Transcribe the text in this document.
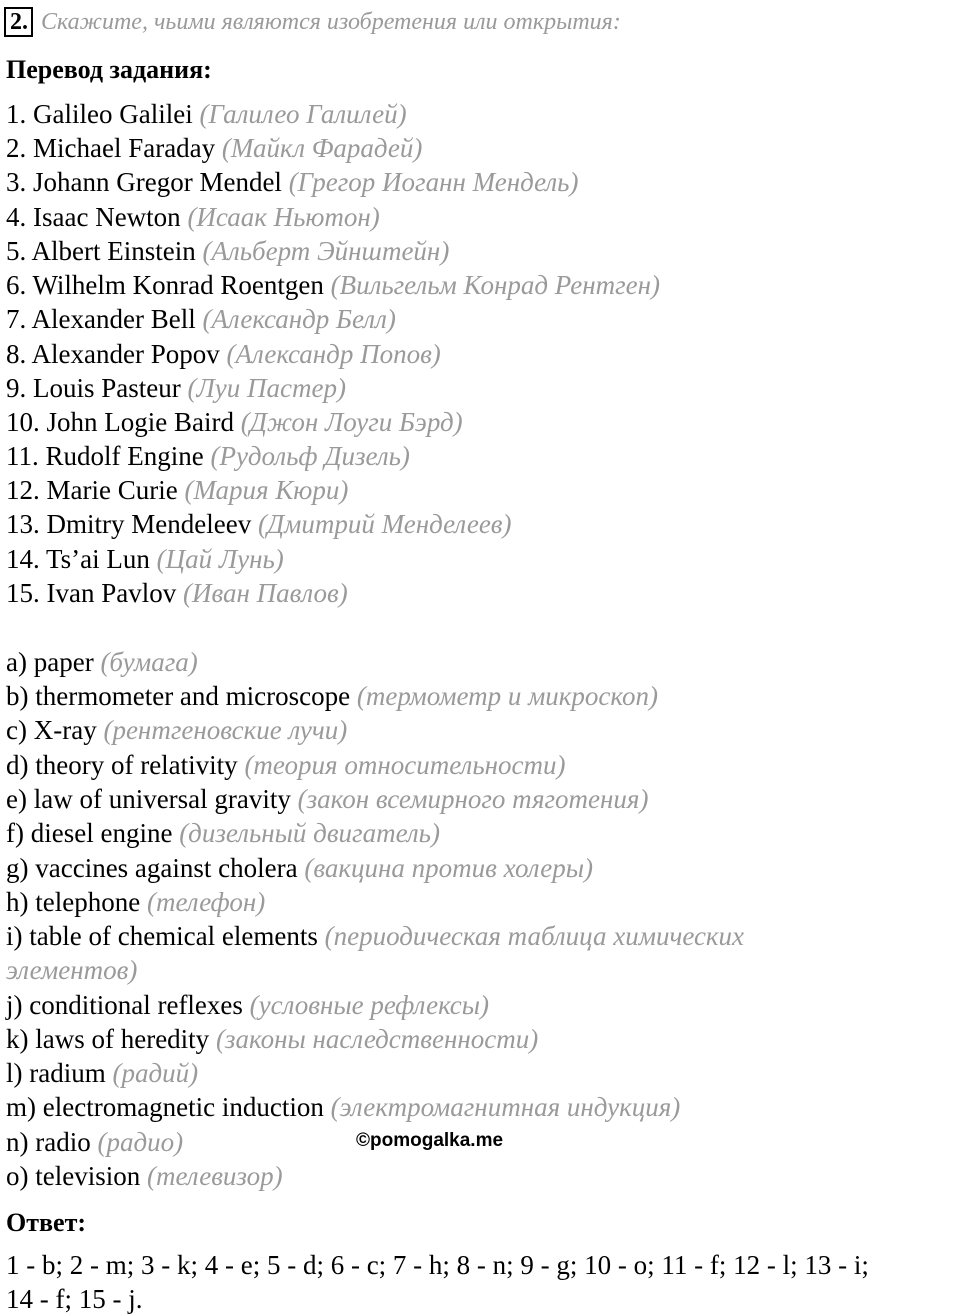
2. Скажите, чьими являются изобретения или открытия:
Перевод задания:
1. Galileo Galilei (Галилео Галилей)
2. Michael Faraday (Майкл Фарадей)
3. Johann Gregor Mendel (Грегор Иоганн Мендель)
4. Isaac Newton (Исаак Ньютон)
5. Albert Einstein (Альберт Эйнштейн)
6. Wilhelm Konrad Roentgen (Вильгельм Конрад Рентген)
7. Alexander Bell (Александр Белл)
8. Alexander Popov (Александр Попов)
9. Louis Pasteur (Луи Пастер)
10. John Logie Baird (Джон Лоуги Бэрд)
11. Rudolf Engine (Рудольф Дизель)
12. Marie Curie (Мария Кюри)
13. Dmitry Mendeleev (Дмитрий Менделеев)
14. Ts’ai Lun (Цай Лунь)
15. Ivan Pavlov (Иван Павлов)
a) paper (бумага)
b) thermometer and microscope (термометр и микроскоп)
c) X-ray (рентгеновские лучи)
d) theory of relativity (теория относительности)
e) law of universal gravity (закон всемирного тяготения)
f) diesel engine (дизельный двигатель)
g) vaccines against cholera (вакцина против холеры)
h) telephone (телефон)
i) table of chemical elements (периодическая таблица химических
элементов)
j) conditional reflexes (условные рефлексы)
k) laws of heredity (законы наследственности)
l) radium (радий)
m) electromagnetic induction (электромагнитная индукция)
n) radio (радио)
o) television (телевизор)
©pomogalka.me
Ответ:
1 - b; 2 - m; 3 - k; 4 - e; 5 - d; 6 - c; 7 - h; 8 - n; 9 - g; 10 - o; 11 - f; 12 - l; 13 - i;
14 - f; 15 - j.
